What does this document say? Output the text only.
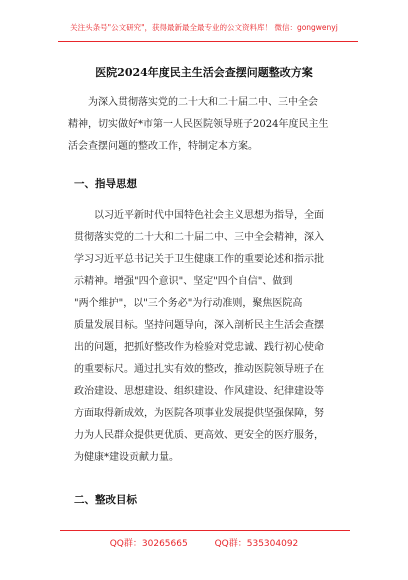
关注头条号"公文研究"，获得最新最全最专业的公文资料库！ 微信：gongwenyj
医院2024年度民主生活会查摆问题整改方案
为深入贯彻落实党的二十大和二十届二中、三中全会
精神，切实做好*市第一人民医院领导班子2024年度民主生
活会查摆问题的整改工作，特制定本方案。
一、指导思想
以习近平新时代中国特色社会主义思想为指导，全面
贯彻落实党的二十大和二十届二中、三中全会精神，深入
学习习近平总书记关于卫生健康工作的重要论述和指示批
示精神。增强"四个意识"、坚定"四个自信"、做到
"两个维护"，以"三个务必"为行动准则，聚焦医院高
质量发展目标。坚持问题导向，深入剖析民主生活会查摆
出的问题，把抓好整改作为检验对党忠诚、践行初心使命
的重要标尺。通过扎实有效的整改，推动医院领导班子在
政治建设、思想建设、组织建设、作风建设、纪律建设等
方面取得新成效，为医院各项事业发展提供坚强保障，努
力为人民群众提供更优质、更高效、更安全的医疗服务，
为健康*建设贡献力量。
二、整改目标
QQ群：30265665	QQ群：535304092
